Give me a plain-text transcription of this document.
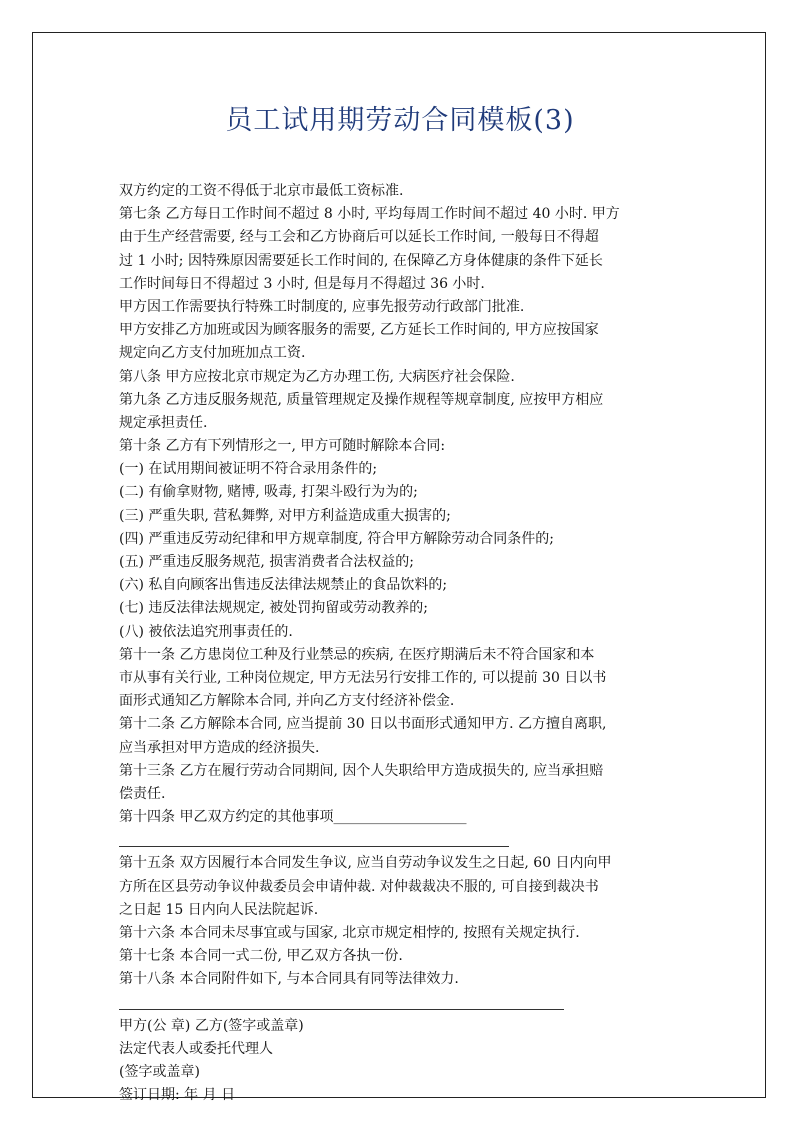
员工试用期劳动合同模板(3)
双方约定的工资不得低于北京市最低工资标准.
第七条 乙方每日工作时间不超过 8 小时, 平均每周工作时间不超过 40 小时. 甲方
由于生产经营需要, 经与工会和乙方协商后可以延长工作时间, 一般每日不得超
过 1 小时; 因特殊原因需要延长工作时间的, 在保障乙方身体健康的条件下延长
工作时间每日不得超过 3 小时, 但是每月不得超过 36 小时.
甲方因工作需要执行特殊工时制度的, 应事先报劳动行政部门批准.
甲方安排乙方加班或因为顾客服务的需要, 乙方延长工作时间的, 甲方应按国家
规定向乙方支付加班加点工资.
第八条 甲方应按北京市规定为乙方办理工伤, 大病医疗社会保险.
第九条 乙方违反服务规范, 质量管理规定及操作规程等规章制度, 应按甲方相应
规定承担责任.
第十条 乙方有下列情形之一, 甲方可随时解除本合同:
(一) 在试用期间被证明不符合录用条件的;
(二) 有偷拿财物, 赌博, 吸毒, 打架斗殴行为为的;
(三) 严重失职, 营私舞弊, 对甲方利益造成重大损害的;
(四) 严重违反劳动纪律和甲方规章制度, 符合甲方解除劳动合同条件的;
(五) 严重违反服务规范, 损害消费者合法权益的;
(六) 私自向顾客出售违反法律法规禁止的食品饮料的;
(七) 违反法律法规规定, 被处罚拘留或劳动教养的;
(八) 被依法追究刑事责任的.
第十一条 乙方患岗位工种及行业禁忌的疾病, 在医疗期满后未不符合国家和本
市从事有关行业, 工种岗位规定, 甲方无法另行安排工作的, 可以提前 30 日以书
面形式通知乙方解除本合同, 并向乙方支付经济补偿金.
第十二条 乙方解除本合同, 应当提前 30 日以书面形式通知甲方. 乙方擅自离职,
应当承担对甲方造成的经济损失.
第十三条 乙方在履行劳动合同期间, 因个人失职给甲方造成损失的, 应当承担赔
偿责任.
第十四条 甲乙双方约定的其他事项___________________
第十五条 双方因履行本合同发生争议, 应当自劳动争议发生之日起, 60 日内向甲
方所在区县劳动争议仲裁委员会申请仲裁. 对仲裁裁决不服的, 可自接到裁决书
之日起 15 日内向人民法院起诉.
第十六条 本合同未尽事宜或与国家, 北京市规定相悖的, 按照有关规定执行.
第十七条 本合同一式二份, 甲乙双方各执一份.
第十八条 本合同附件如下, 与本合同具有同等法律效力.
甲方(公 章) 乙方(签字或盖章)
法定代表人或委托代理人
(签字或盖章)
签订日期: 年 月 日
